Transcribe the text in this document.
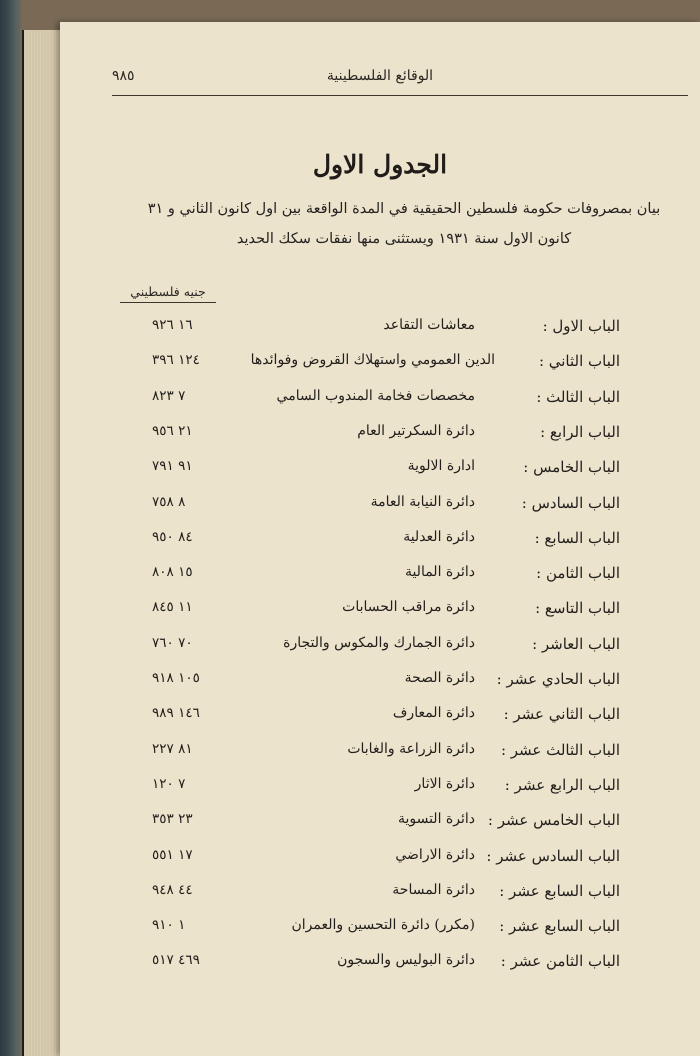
الوقائع الفلسطينية
٩٨٥
الجدول الاول
بيان بمصروفات حكومة فلسطين الحقيقية في المدة الواقعة بين اول كانون الثاني و ٣١ كانون الاول سنة ١٩٣١ ويستثنى منها نفقات سكك الحديد
جنيه فلسطيني
الباب الاول :
معاشات التقاعد
١٦ ٩٢٦
الباب الثاني :
الدين العمومي واستهلاك القروض وفوائدها
١٢٤ ٣٩٦
الباب الثالث :
مخصصات فخامة المندوب السامي
٧ ٨٢٣
الباب الرابع :
دائرة السكرتير العام
٢١ ٩٥٦
الباب الخامس :
ادارة الالوية
٩١ ٧٩١
الباب السادس :
دائرة النيابة العامة
٨ ٧٥٨
الباب السابع :
دائرة العدلية
٨٤ ٩٥٠
الباب الثامن :
دائرة المالية
١٥ ٨٠٨
الباب التاسع :
دائرة مراقب الحسابات
١١ ٨٤٥
الباب العاشر :
دائرة الجمارك والمكوس والتجارة
٧٠ ٧٦٠
الباب الحادي عشر :
دائرة الصحة
١٠٥ ٩١٨
الباب الثاني عشر :
دائرة المعارف
١٤٦ ٩٨٩
الباب الثالث عشر :
دائرة الزراعة والغابات
٨١ ٢٢٧
الباب الرابع عشر :
دائرة الاثار
٧ ١٢٠
الباب الخامس عشر :
دائرة التسوية
٢٣ ٣٥٣
الباب السادس عشر :
دائرة الاراضي
١٧ ٥٥١
الباب السابع عشر :
دائرة المساحة
٤٤ ٩٤٨
الباب السابع عشر :
(مكرر) دائرة التحسين والعمران
١ ٩١٠
الباب الثامن عشر :
دائرة البوليس والسجون
٤٦٩ ٥١٧
